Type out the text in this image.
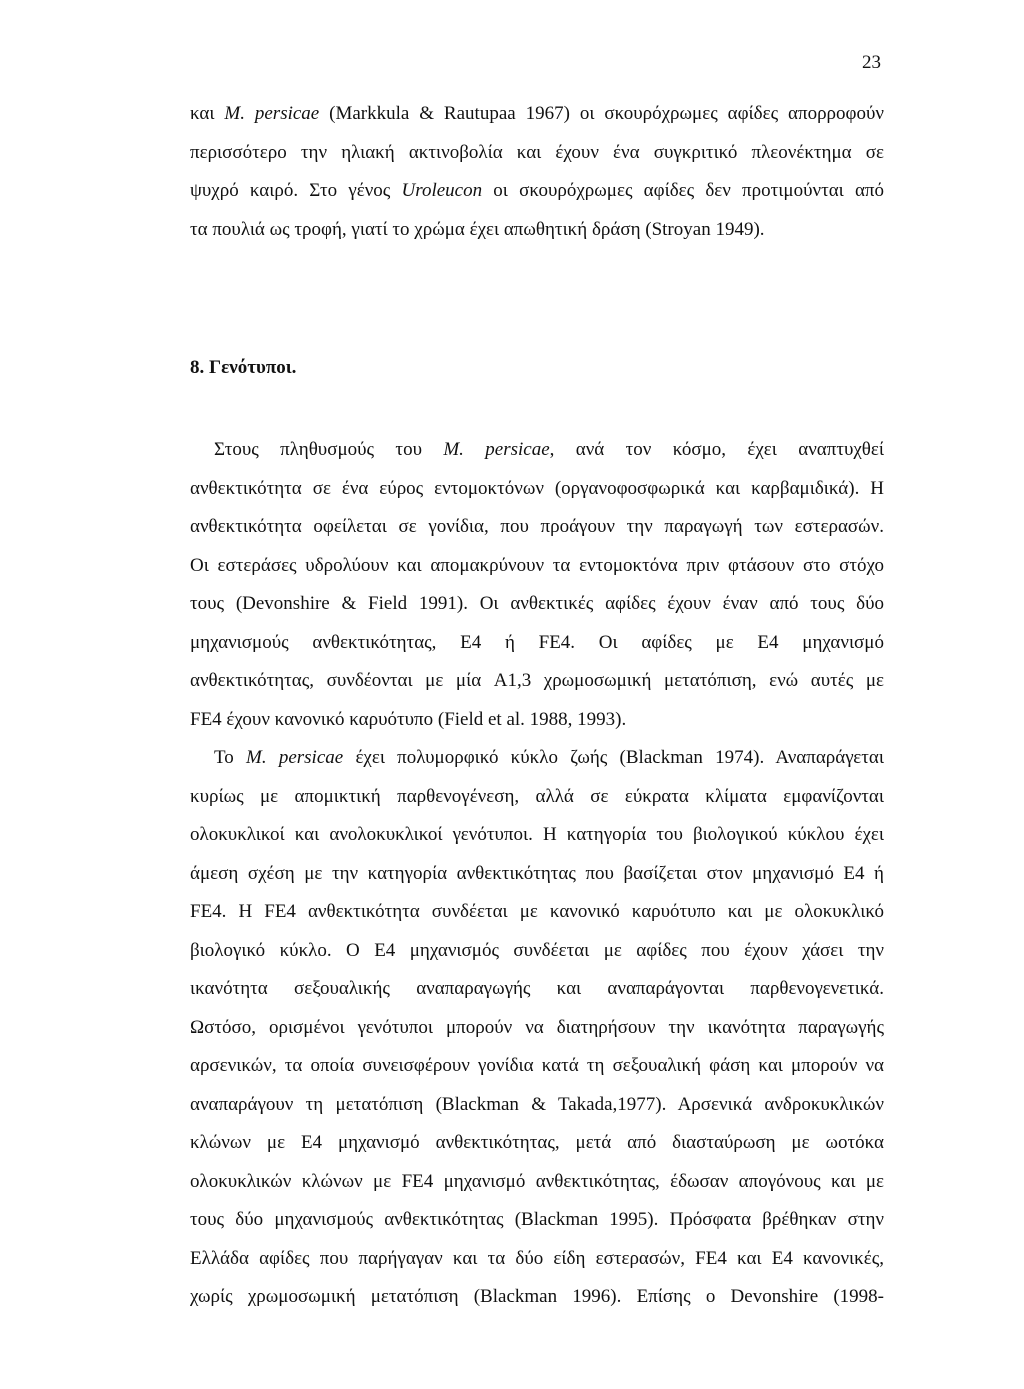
23
και M. persicae (Markkula & Rautupaa 1967) οι σκουρόχρωμες αφίδες απορροφούν
περισσότερο την ηλιακή ακτινοβολία και έχουν ένα συγκριτικό πλεονέκτημα σε
ψυχρό καιρό. Στο γένος Uroleucon οι σκουρόχρωμες αφίδες δεν προτιμούνται από
τα πουλιά ως τροφή, γιατί το χρώμα έχει απωθητική δράση (Stroyan 1949).
8. Γενότυποι.
Στους πληθυσμούς του M. persicae, ανά τον κόσμο, έχει αναπτυχθεί
ανθεκτικότητα σε ένα εύρος εντομοκτόνων (οργανοφοσφωρικά και καρβαμιδικά). Η
ανθεκτικότητα οφείλεται σε γονίδια, που προάγουν την παραγωγή των εστερασών.
Οι εστεράσες υδρολύουν και απομακρύνουν τα εντομοκτόνα πριν φτάσουν στο στόχο
τους (Devonshire & Field 1991). Οι ανθεκτικές αφίδες έχουν έναν από τους δύο
μηχανισμούς ανθεκτικότητας, E4 ή FE4. Οι αφίδες με E4 μηχανισμό
ανθεκτικότητας, συνδέονται με μία A1,3 χρωμοσωμική μετατόπιση, ενώ αυτές με
FE4 έχουν κανονικό καρυότυπο (Field et al. 1988, 1993).
Το M. persicae έχει πολυμορφικό κύκλο ζωής (Blackman 1974). Αναπαράγεται
κυρίως με απομικτική παρθενογένεση, αλλά σε εύκρατα κλίματα εμφανίζονται
ολοκυκλικοί και ανολοκυκλικοί γενότυποι. Η κατηγορία του βιολογικού κύκλου έχει
άμεση σχέση με την κατηγορία ανθεκτικότητας που βασίζεται στον μηχανισμό E4 ή
FE4. Η FE4 ανθεκτικότητα συνδέεται με κανονικό καρυότυπο και με ολοκυκλικό
βιολογικό κύκλο. Ο E4 μηχανισμός συνδέεται με αφίδες που έχουν χάσει την
ικανότητα σεξουαλικής αναπαραγωγής και αναπαράγονται παρθενογενετικά.
Ωστόσο, ορισμένοι γενότυποι μπορούν να διατηρήσουν την ικανότητα παραγωγής
αρσενικών, τα οποία συνεισφέρουν γονίδια κατά τη σεξουαλική φάση και μπορούν να
αναπαράγουν τη μετατόπιση (Blackman & Takada,1977). Αρσενικά ανδροκυκλικών
κλώνων με E4 μηχανισμό ανθεκτικότητας, μετά από διασταύρωση με ωοτόκα
ολοκυκλικών κλώνων με FE4 μηχανισμό ανθεκτικότητας, έδωσαν απογόνους και με
τους δύο μηχανισμούς ανθεκτικότητας (Blackman 1995). Πρόσφατα βρέθηκαν στην
Ελλάδα αφίδες που παρήγαγαν και τα δύο είδη εστερασών, FE4 και E4 κανονικές,
χωρίς χρωμοσωμική μετατόπιση (Blackman 1996). Επίσης ο Devonshire (1998-
